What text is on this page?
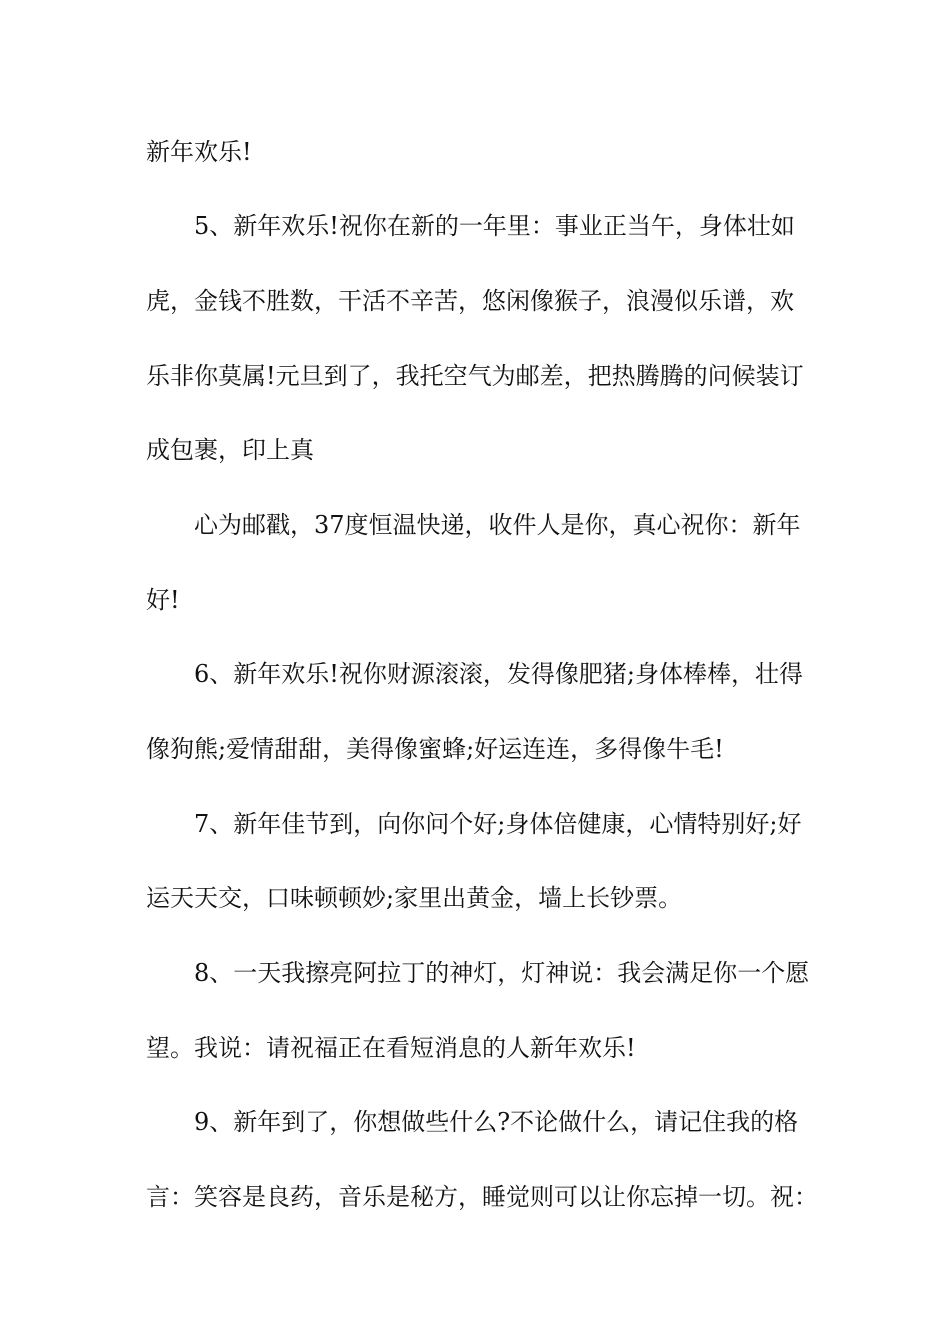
新年欢乐!
5、新年欢乐!祝你在新的一年里：事业正当午，身体壮如
虎，金钱不胜数，干活不辛苦，悠闲像猴子，浪漫似乐谱，欢
乐非你莫属!元旦到了，我托空气为邮差，把热腾腾的问候装订
成包裹，印上真
心为邮戳，37度恒温快递，收件人是你，真心祝你：新年
好!
6、新年欢乐!祝你财源滚滚，发得像肥猪;身体棒棒，壮得
像狗熊;爱情甜甜，美得像蜜蜂;好运连连，多得像牛毛!
7、新年佳节到，向你问个好;身体倍健康，心情特别好;好
运天天交，口味顿顿妙;家里出黄金，墙上长钞票。
8、一天我擦亮阿拉丁的神灯，灯神说：我会满足你一个愿
望。我说：请祝福正在看短消息的人新年欢乐!
9、新年到了，你想做些什么?不论做什么，请记住我的格
言：笑容是良药，音乐是秘方，睡觉则可以让你忘掉一切。祝：
